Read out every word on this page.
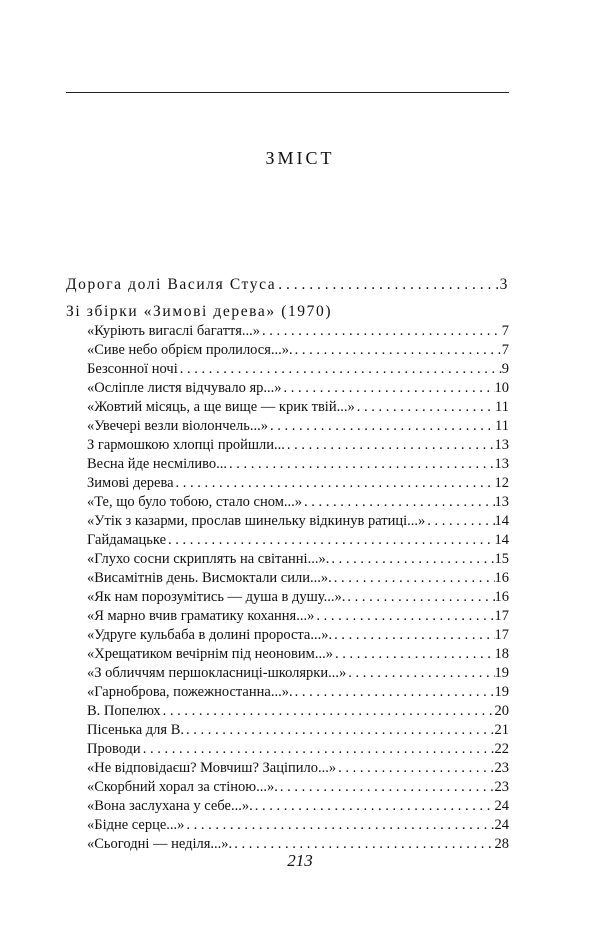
ЗМІСТ
Дорога долі Василя Стуса . . .	3
Зі збірки «Зимові дерева» (1970)
«Куріють вигаслі багаття...» . . .	7
«Сиве небо обрієм пролилося...». . . .	7
Безсонної ночі . . .	9
«Осліпле листя відчувало яр...» . . .	10
«Жовтий місяць, а ще вище — крик твій...» . . .	11
«Увечері везли віолончель...» . . .	11
З гармошкою хлопці пройшли... . . .	13
Весна йде несміливо... . . .	13
Зимові дерева . . .	12
«Те, що було тобою, стало сном...» . . .	13
«Утік з казарми, прослав шинельку відкинув ратиці...» . . .	14
Гайдамацьке . . .	14
«Глухо сосни скриплять на світанні...». . . .	15
«Висамітнів день. Висмоктали сили...». . . .	16
«Як нам порозумітись — душа в душу...». . . .	16
«Я марно вчив граматику кохання...» . . .	17
«Удруге кульбаба в долині пророста...». . . .	17
«Хрещатиком вечірнім під неоновим...» . . .	18
«З обличчям першокласниці-школярки...» . . .	19
«Гарноброва, пожежностанна...». . . .	19
В. Попелюх . . .	20
Пісенька для В. . . .	21
Проводи . . .	22
«Не відповідаєш? Мовчиш? Заціпило...» . . .	23
«Скорбний хорал за стіною...». . . .	23
«Вона заслухана у себе...». . . .	24
«Бідне серце...» . . .	24
«Сьогодні — неділя...». . . .	28
213
